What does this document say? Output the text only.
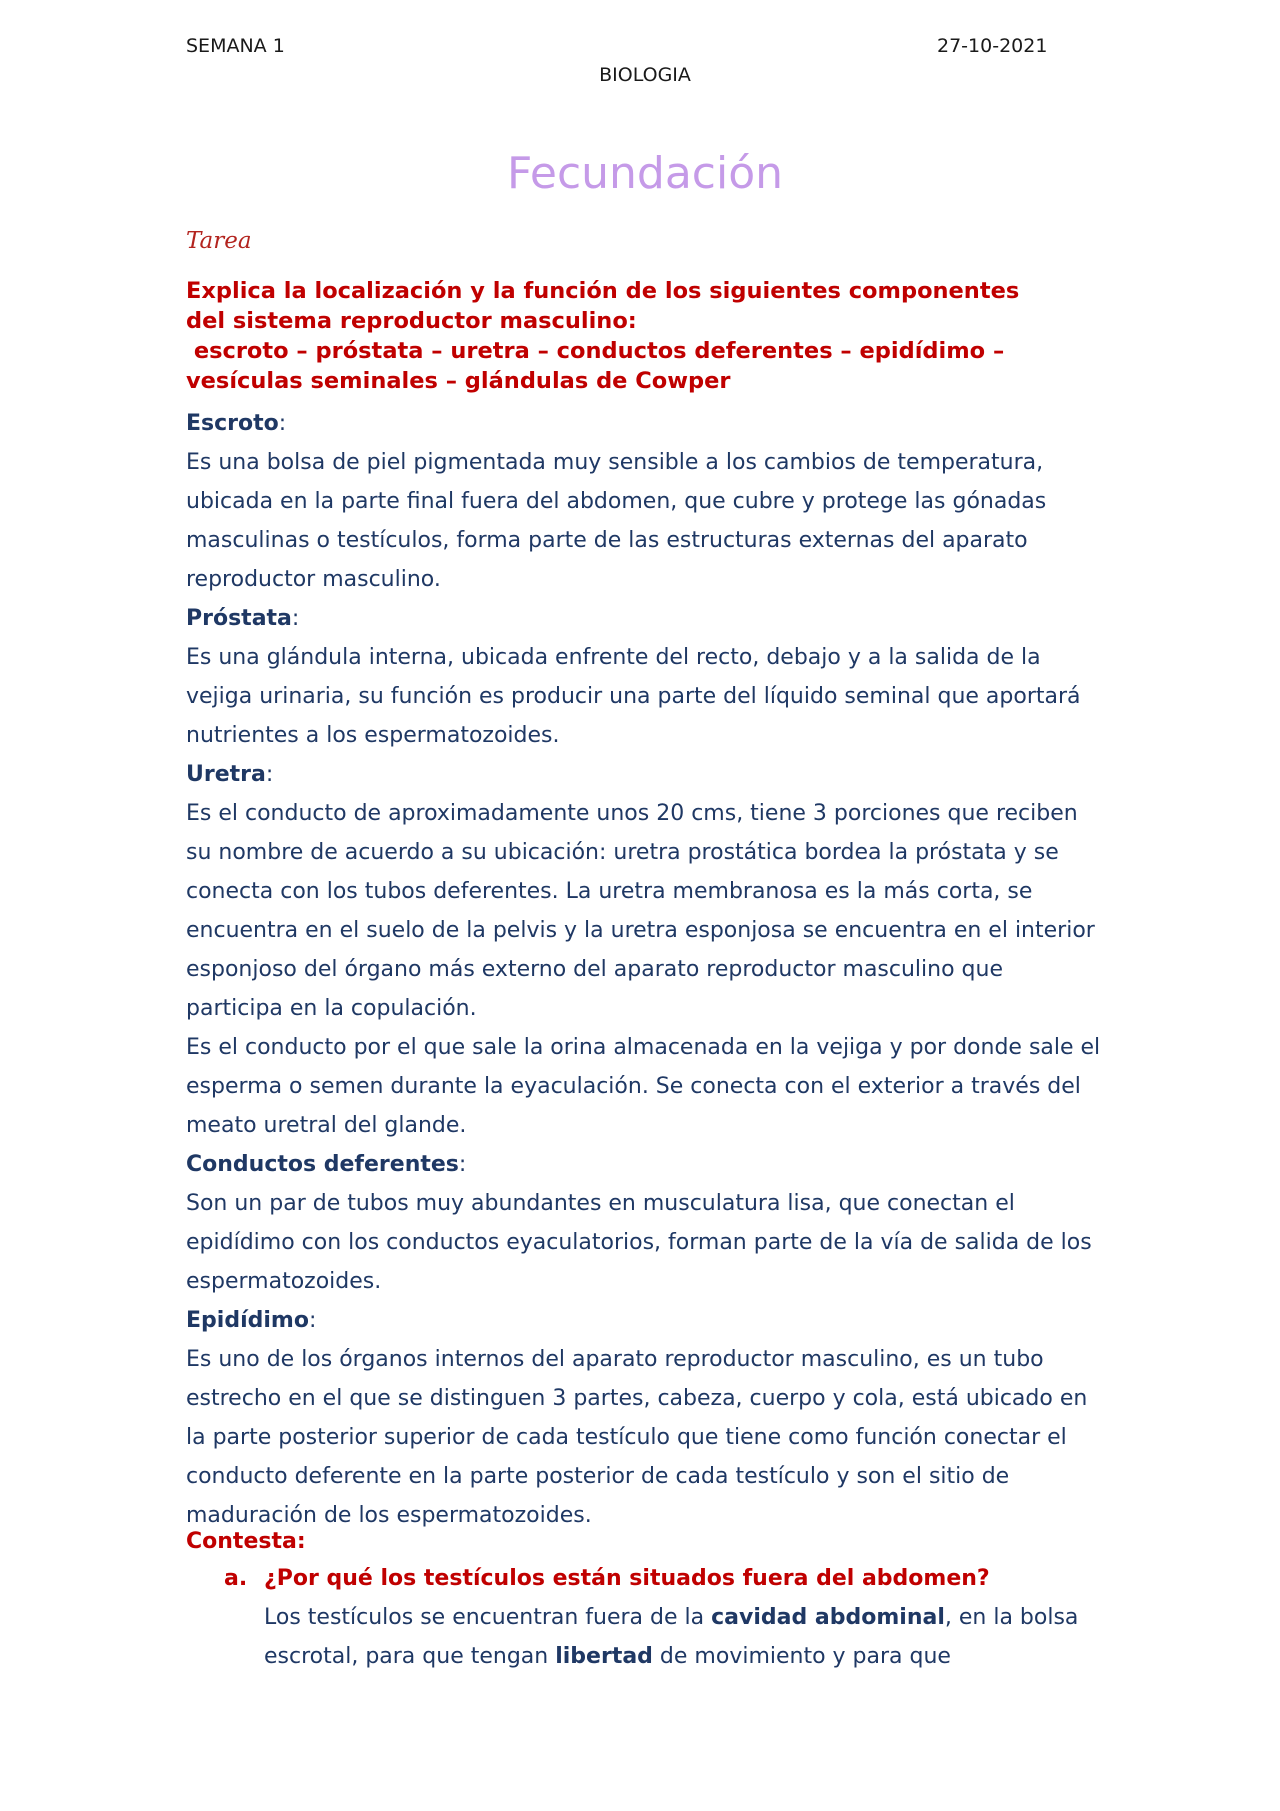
SEMANA 1	27-10-2021
BIOLOGIA
Fecundación

Tarea

Explica la localización y la función de los siguientes componentes
del sistema reproductor masculino:
escroto – próstata – uretra – conductos deferentes – epidídimo –
vesículas seminales – glándulas de Cowper
Escroto:

Es una bolsa de piel pigmentada muy sensible a los cambios de temperatura, ubicada en la parte final fuera del abdomen, que cubre y protege las gónadas masculinas o testículos, forma parte de las estructuras externas del aparato reproductor masculino.

Próstata:

Es una glándula interna, ubicada enfrente del recto, debajo y a la salida de la vejiga urinaria, su función es producir una parte del líquido seminal que aportará nutrientes a los espermatozoides.

Uretra:

Es el conducto de aproximadamente unos 20 cms, tiene 3 porciones que reciben su nombre de acuerdo a su ubicación: uretra prostática bordea la próstata y se conecta con los tubos deferentes. La uretra membranosa es la más corta, se encuentra en el suelo de la pelvis y la uretra esponjosa se encuentra en el interior esponjoso del órgano más externo del aparato reproductor masculino que participa en la copulación.

Es el conducto por el que sale la orina almacenada en la vejiga y por donde sale el esperma o semen durante la eyaculación. Se conecta con el exterior a través del meato uretral del glande.

Conductos deferentes:

Son un par de tubos muy abundantes en musculatura lisa, que conectan el epidídimo con los conductos eyaculatorios, forman parte de la vía de salida de los espermatozoides.

Epidídimo:

Es uno de los órganos internos del aparato reproductor masculino, es un tubo estrecho en el que se distinguen 3 partes, cabeza, cuerpo y cola, está ubicado en la parte posterior superior de cada testículo que tiene como función conectar el conducto deferente en la parte posterior de cada testículo y son el sitio de maduración de los espermatozoides.

Contesta:
a. ¿Por qué los testículos están situados fuera del abdomen?

Los testículos se encuentran fuera de la cavidad abdominal, en la bolsa escrotal, para que tengan libertad de movimiento y para que
